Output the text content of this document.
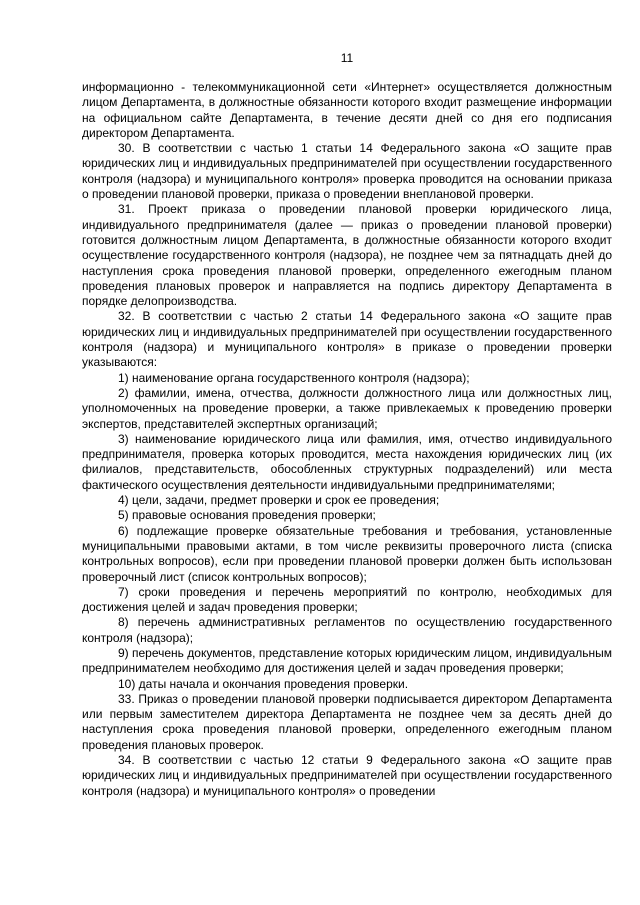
11

информационно - телекоммуникационной сети «Интернет» осуществляется должностным лицом Департамента, в должностные обязанности которого входит размещение информации на официальном сайте Департамента, в течение десяти дней со дня его подписания директором Департамента.

30. В соответствии с частью 1 статьи 14 Федерального закона «О защите прав юридических лиц и индивидуальных предпринимателей при осуществлении государственного контроля (надзора) и муниципального контроля» проверка проводится на основании приказа о проведении плановой проверки, приказа о проведении внеплановой проверки.

31. Проект приказа о проведении плановой проверки юридического лица, индивидуального предпринимателя (далее — приказ о проведении плановой проверки) готовится должностным лицом Департамента, в должностные обязанности которого входит осуществление государственного контроля (надзора), не позднее чем за пятнадцать дней до наступления срока проведения плановой проверки, определенного ежегодным планом проведения плановых проверок и направляется на подпись директору Департамента в порядке делопроизводства.

32. В соответствии с частью 2 статьи 14 Федерального закона «О защите прав юридических лиц и индивидуальных предпринимателей при осуществлении государственного контроля (надзора) и муниципального контроля» в приказе о проведении проверки указываются:

1) наименование органа государственного контроля (надзора);

2) фамилии, имена, отчества, должности должностного лица или должностных лиц, уполномоченных на проведение проверки, а также привлекаемых к проведению проверки экспертов, представителей экспертных организаций;

3) наименование юридического лица или фамилия, имя, отчество индивидуального предпринимателя, проверка которых проводится, места нахождения юридических лиц (их филиалов, представительств, обособленных структурных подразделений) или места фактического осуществления деятельности индивидуальными предпринимателями;

4) цели, задачи, предмет проверки и срок ее проведения;

5) правовые основания проведения проверки;

6) подлежащие проверке обязательные требования и требования, установленные муниципальными правовыми актами, в том числе реквизиты проверочного листа (списка контрольных вопросов), если при проведении плановой проверки должен быть использован проверочный лист (список контрольных вопросов);

7) сроки проведения и перечень мероприятий по контролю, необходимых для достижения целей и задач проведения проверки;

8) перечень административных регламентов по осуществлению государственного контроля (надзора);

9) перечень документов, представление которых юридическим лицом, индивидуальным предпринимателем необходимо для достижения целей и задач проведения проверки;

10) даты начала и окончания проведения проверки.

33. Приказ о проведении плановой проверки подписывается директором Департамента или первым заместителем директора Департамента не позднее чем за десять дней до наступления срока проведения плановой проверки, определенного ежегодным планом проведения плановых проверок.

34. В соответствии с частью 12 статьи 9 Федерального закона «О защите прав юридических лиц и индивидуальных предпринимателей при осуществлении государственного контроля (надзора) и муниципального контроля» о проведении
